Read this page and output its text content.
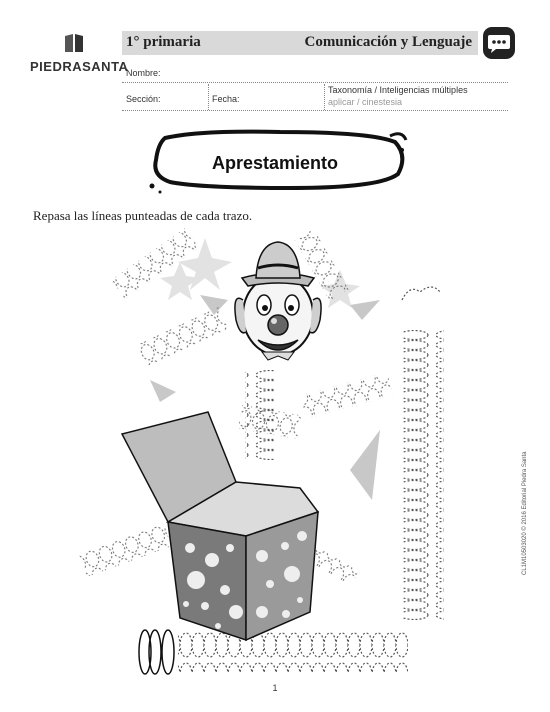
PIEDRASANTA
1° primaria	Comunicación y Lenguaje
Nombre:
Sección:	Fecha:
Taxonomía / Inteligencias múltiples
aplicar / cinestesia
Aprestamiento
Repasa las líneas punteadas de cada trazo.
1
CL1M10503020 © 2016 Editorial Piedra Santa
